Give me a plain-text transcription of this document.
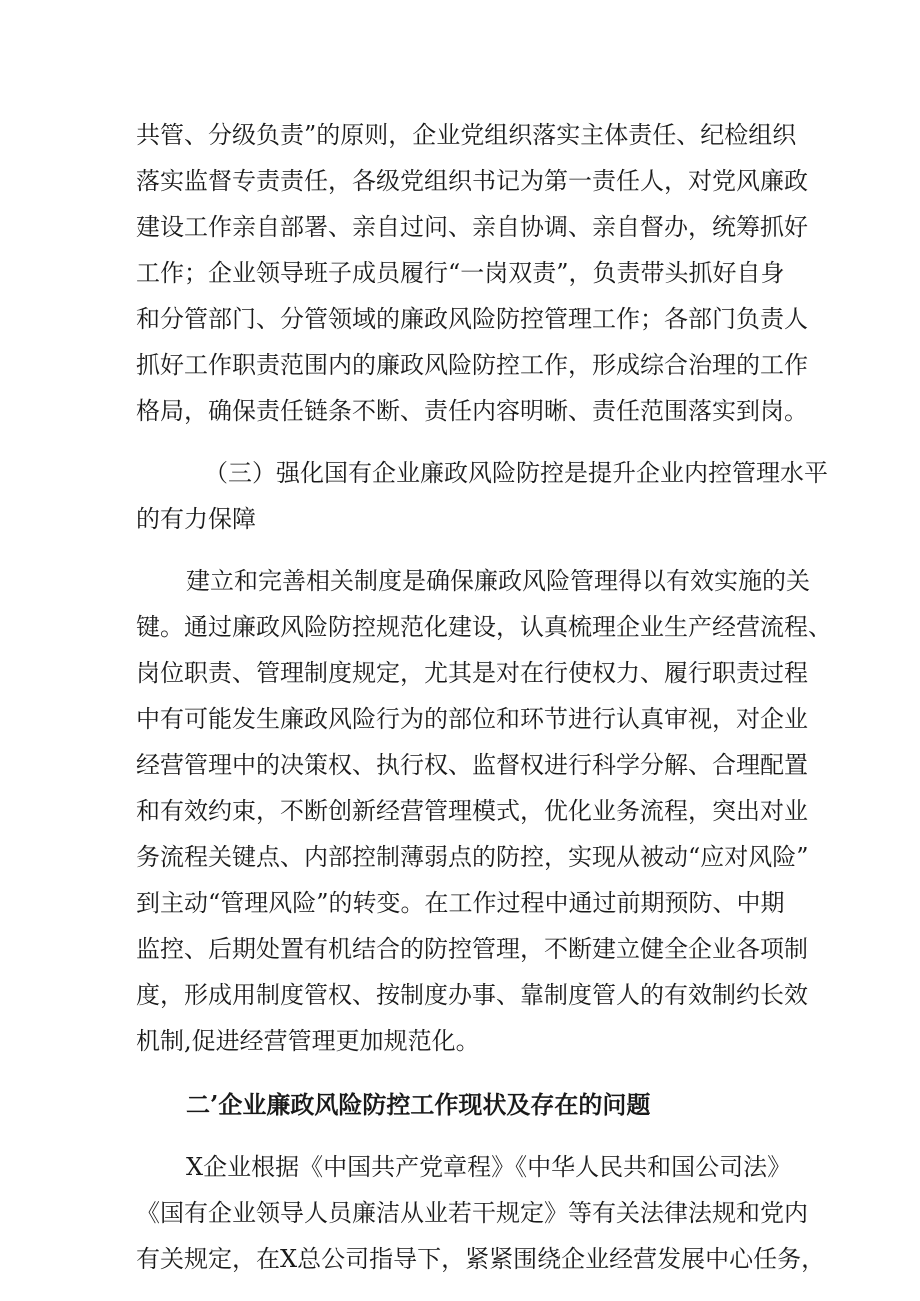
共管、分级负责”的原则，企业党组织落实主体责任、纪检组织
落实监督专责责任，各级党组织书记为第一责任人，对党风廉政
建设工作亲自部署、亲自过问、亲自协调、亲自督办，统筹抓好
工作；企业领导班子成员履行“一岗双责”，负责带头抓好自身
和分管部门、分管领域的廉政风险防控管理工作；各部门负责人
抓好工作职责范围内的廉政风险防控工作，形成综合治理的工作
格局，确保责任链条不断、责任内容明晰、责任范围落实到岗。
（三）强化国有企业廉政风险防控是提升企业内控管理水平
的有力保障
建立和完善相关制度是确保廉政风险管理得以有效实施的关
键。通过廉政风险防控规范化建设，认真梳理企业生产经营流程、
岗位职责、管理制度规定，尤其是对在行使权力、履行职责过程
中有可能发生廉政风险行为的部位和环节进行认真审视，对企业
经营管理中的决策权、执行权、监督权进行科学分解、合理配置
和有效约束，不断创新经营管理模式，优化业务流程，突出对业
务流程关键点、内部控制薄弱点的防控，实现从被动“应对风险”
到主动“管理风险”的转变。在工作过程中通过前期预防、中期
监控、后期处置有机结合的防控管理，不断建立健全企业各项制
度，形成用制度管权、按制度办事、靠制度管人的有效制约长效
机制,促进经营管理更加规范化。
二’企业廉政风险防控工作现状及存在的问题
X企业根据《中国共产党章程》《中华人民共和国公司法》
《国有企业领导人员廉洁从业若干规定》等有关法律法规和党内
有关规定，在X总公司指导下，紧紧围绕企业经营发展中心任务，
